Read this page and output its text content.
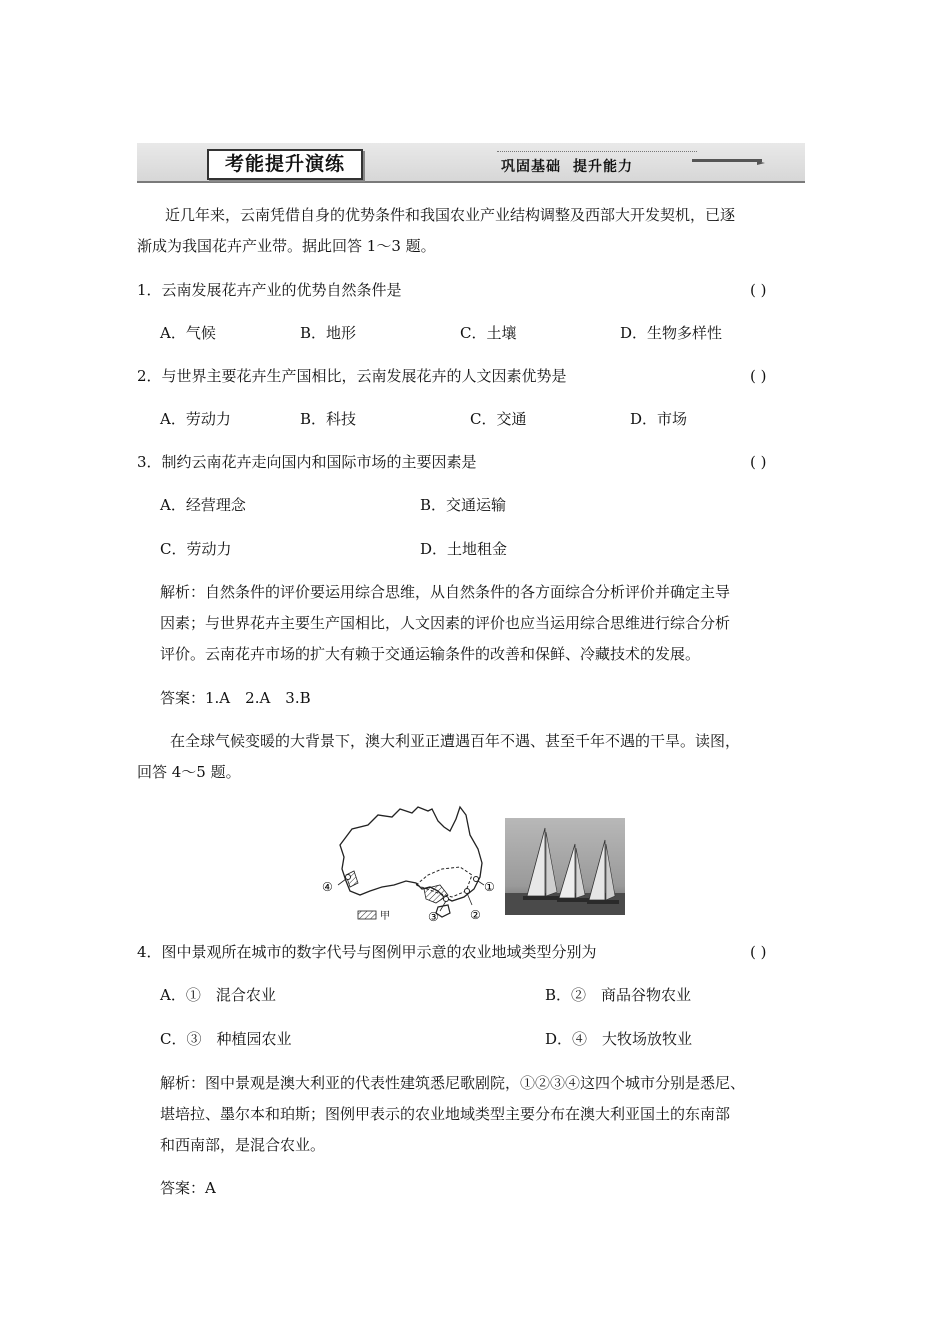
考能提升演练	巩固基础 提升能力
近几年来，云南凭借自身的优势条件和我国农业产业结构调整及西部大开发契机，已逐
渐成为我国花卉产业带。据此回答 1～3 题。
1．云南发展花卉产业的优势自然条件是	( )
A．气候	B．地形	C．土壤	D．生物多样性
2．与世界主要花卉生产国相比，云南发展花卉的人文因素优势是	( )
A．劳动力	B．科技	C．交通	D．市场
3．制约云南花卉走向国内和国际市场的主要因素是	( )
A．经营理念	B．交通运输
C．劳动力	D．土地租金
解析：自然条件的评价要运用综合思维，从自然条件的各方面综合分析评价并确定主导
因素；与世界花卉主要生产国相比，人文因素的评价也应当运用综合思维进行综合分析
评价。云南花卉市场的扩大有赖于交通运输条件的改善和保鲜、冷藏技术的发展。
答案：1.A　2.A　3.B
在全球气候变暖的大背景下，澳大利亚正遭遇百年不遇、甚至千年不遇的干旱。读图，
回答 4～5 题。
①
②
③
④
甲
4．图中景观所在城市的数字代号与图例甲示意的农业地域类型分别为	( )
A．①　混合农业	B．②　商品谷物农业
C．③　种植园农业	D．④　大牧场放牧业
解析：图中景观是澳大利亚的代表性建筑悉尼歌剧院，①②③④这四个城市分别是悉尼、
堪培拉、墨尔本和珀斯；图例甲表示的农业地域类型主要分布在澳大利亚国土的东南部
和西南部，是混合农业。
答案：A
